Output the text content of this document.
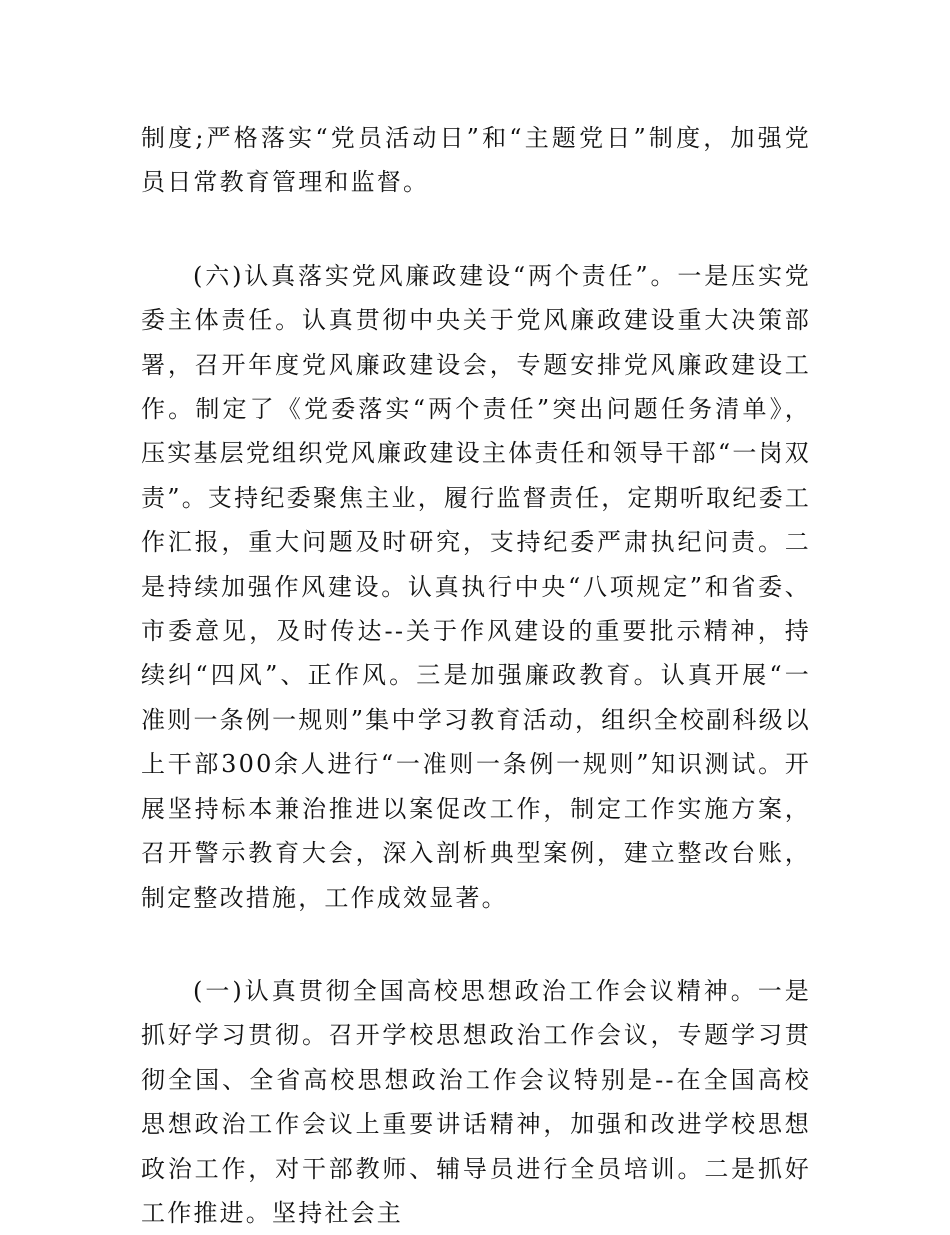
制度;严格落实“党员活动日”和“主题党日”制度，加强党员日常教育管理和监督。

(六)认真落实党风廉政建设“两个责任”。一是压实党委主体责任。认真贯彻中央关于党风廉政建设重大决策部署，召开年度党风廉政建设会，专题安排党风廉政建设工作。制定了《党委落实“两个责任”突出问题任务清单》，压实基层党组织党风廉政建设主体责任和领导干部“一岗双责”。支持纪委聚焦主业，履行监督责任，定期听取纪委工作汇报，重大问题及时研究，支持纪委严肃执纪问责。二是持续加强作风建设。认真执行中央“八项规定”和省委、市委意见，及时传达--关于作风建设的重要批示精神，持续纠“四风”、正作风。三是加强廉政教育。认真开展“一准则一条例一规则”集中学习教育活动，组织全校副科级以上干部300余人进行“一准则一条例一规则”知识测试。开展坚持标本兼治推进以案促改工作，制定工作实施方案，召开警示教育大会，深入剖析典型案例，建立整改台账，制定整改措施，工作成效显著。

(一)认真贯彻全国高校思想政治工作会议精神。一是抓好学习贯彻。召开学校思想政治工作会议，专题学习贯彻全国、全省高校思想政治工作会议特别是--在全国高校思想政治工作会议上重要讲话精神，加强和改进学校思想政治工作，对干部教师、辅导员进行全员培训。二是抓好工作推进。坚持社会主
